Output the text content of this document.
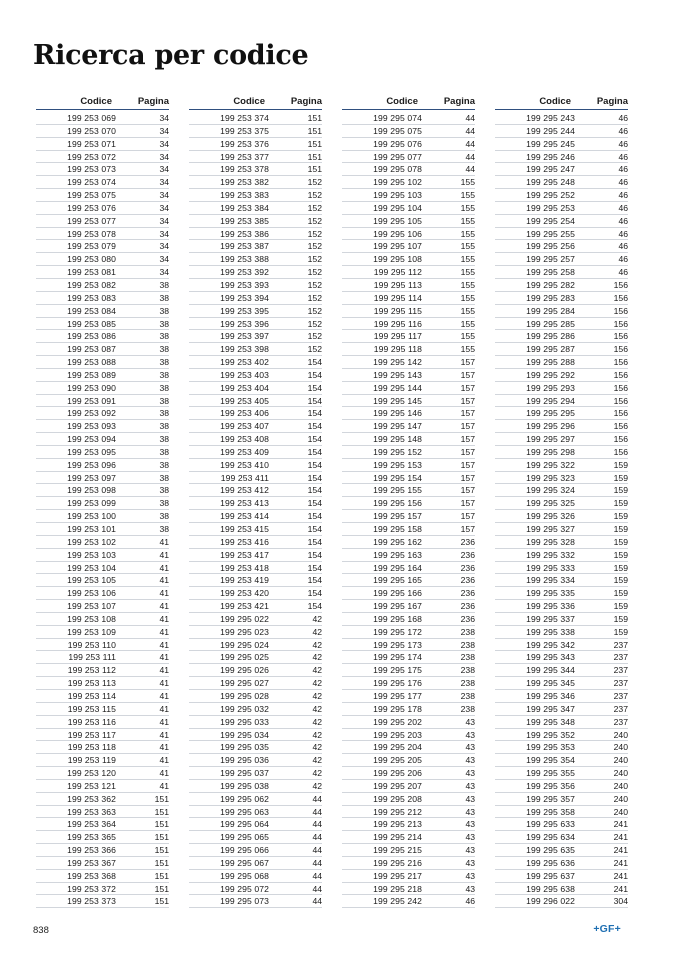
Ricerca per codice
Codice	Pagina
199 253 069	34
199 253 070	34
199 253 071	34
199 253 072	34
199 253 073	34
199 253 074	34
199 253 075	34
199 253 076	34
199 253 077	34
199 253 078	34
199 253 079	34
199 253 080	34
199 253 081	34
199 253 082	38
199 253 083	38
199 253 084	38
199 253 085	38
199 253 086	38
199 253 087	38
199 253 088	38
199 253 089	38
199 253 090	38
199 253 091	38
199 253 092	38
199 253 093	38
199 253 094	38
199 253 095	38
199 253 096	38
199 253 097	38
199 253 098	38
199 253 099	38
199 253 100	38
199 253 101	38
199 253 102	41
199 253 103	41
199 253 104	41
199 253 105	41
199 253 106	41
199 253 107	41
199 253 108	41
199 253 109	41
199 253 110	41
199 253 111	41
199 253 112	41
199 253 113	41
199 253 114	41
199 253 115	41
199 253 116	41
199 253 117	41
199 253 118	41
199 253 119	41
199 253 120	41
199 253 121	41
199 253 362	151
199 253 363	151
199 253 364	151
199 253 365	151
199 253 366	151
199 253 367	151
199 253 368	151
199 253 372	151
199 253 373	151
Codice	Pagina
199 253 374	151
199 253 375	151
199 253 376	151
199 253 377	151
199 253 378	151
199 253 382	152
199 253 383	152
199 253 384	152
199 253 385	152
199 253 386	152
199 253 387	152
199 253 388	152
199 253 392	152
199 253 393	152
199 253 394	152
199 253 395	152
199 253 396	152
199 253 397	152
199 253 398	152
199 253 402	154
199 253 403	154
199 253 404	154
199 253 405	154
199 253 406	154
199 253 407	154
199 253 408	154
199 253 409	154
199 253 410	154
199 253 411	154
199 253 412	154
199 253 413	154
199 253 414	154
199 253 415	154
199 253 416	154
199 253 417	154
199 253 418	154
199 253 419	154
199 253 420	154
199 253 421	154
199 295 022	42
199 295 023	42
199 295 024	42
199 295 025	42
199 295 026	42
199 295 027	42
199 295 028	42
199 295 032	42
199 295 033	42
199 295 034	42
199 295 035	42
199 295 036	42
199 295 037	42
199 295 038	42
199 295 062	44
199 295 063	44
199 295 064	44
199 295 065	44
199 295 066	44
199 295 067	44
199 295 068	44
199 295 072	44
199 295 073	44
Codice	Pagina
199 295 074	44
199 295 075	44
199 295 076	44
199 295 077	44
199 295 078	44
199 295 102	155
199 295 103	155
199 295 104	155
199 295 105	155
199 295 106	155
199 295 107	155
199 295 108	155
199 295 112	155
199 295 113	155
199 295 114	155
199 295 115	155
199 295 116	155
199 295 117	155
199 295 118	155
199 295 142	157
199 295 143	157
199 295 144	157
199 295 145	157
199 295 146	157
199 295 147	157
199 295 148	157
199 295 152	157
199 295 153	157
199 295 154	157
199 295 155	157
199 295 156	157
199 295 157	157
199 295 158	157
199 295 162	236
199 295 163	236
199 295 164	236
199 295 165	236
199 295 166	236
199 295 167	236
199 295 168	236
199 295 172	238
199 295 173	238
199 295 174	238
199 295 175	238
199 295 176	238
199 295 177	238
199 295 178	238
199 295 202	43
199 295 203	43
199 295 204	43
199 295 205	43
199 295 206	43
199 295 207	43
199 295 208	43
199 295 212	43
199 295 213	43
199 295 214	43
199 295 215	43
199 295 216	43
199 295 217	43
199 295 218	43
199 295 242	46
Codice	Pagina
199 295 243	46
199 295 244	46
199 295 245	46
199 295 246	46
199 295 247	46
199 295 248	46
199 295 252	46
199 295 253	46
199 295 254	46
199 295 255	46
199 295 256	46
199 295 257	46
199 295 258	46
199 295 282	156
199 295 283	156
199 295 284	156
199 295 285	156
199 295 286	156
199 295 287	156
199 295 288	156
199 295 292	156
199 295 293	156
199 295 294	156
199 295 295	156
199 295 296	156
199 295 297	156
199 295 298	156
199 295 322	159
199 295 323	159
199 295 324	159
199 295 325	159
199 295 326	159
199 295 327	159
199 295 328	159
199 295 332	159
199 295 333	159
199 295 334	159
199 295 335	159
199 295 336	159
199 295 337	159
199 295 338	159
199 295 342	237
199 295 343	237
199 295 344	237
199 295 345	237
199 295 346	237
199 295 347	237
199 295 348	237
199 295 352	240
199 295 353	240
199 295 354	240
199 295 355	240
199 295 356	240
199 295 357	240
199 295 358	240
199 295 633	241
199 295 634	241
199 295 635	241
199 295 636	241
199 295 637	241
199 295 638	241
199 296 022	304
838	+GF+
